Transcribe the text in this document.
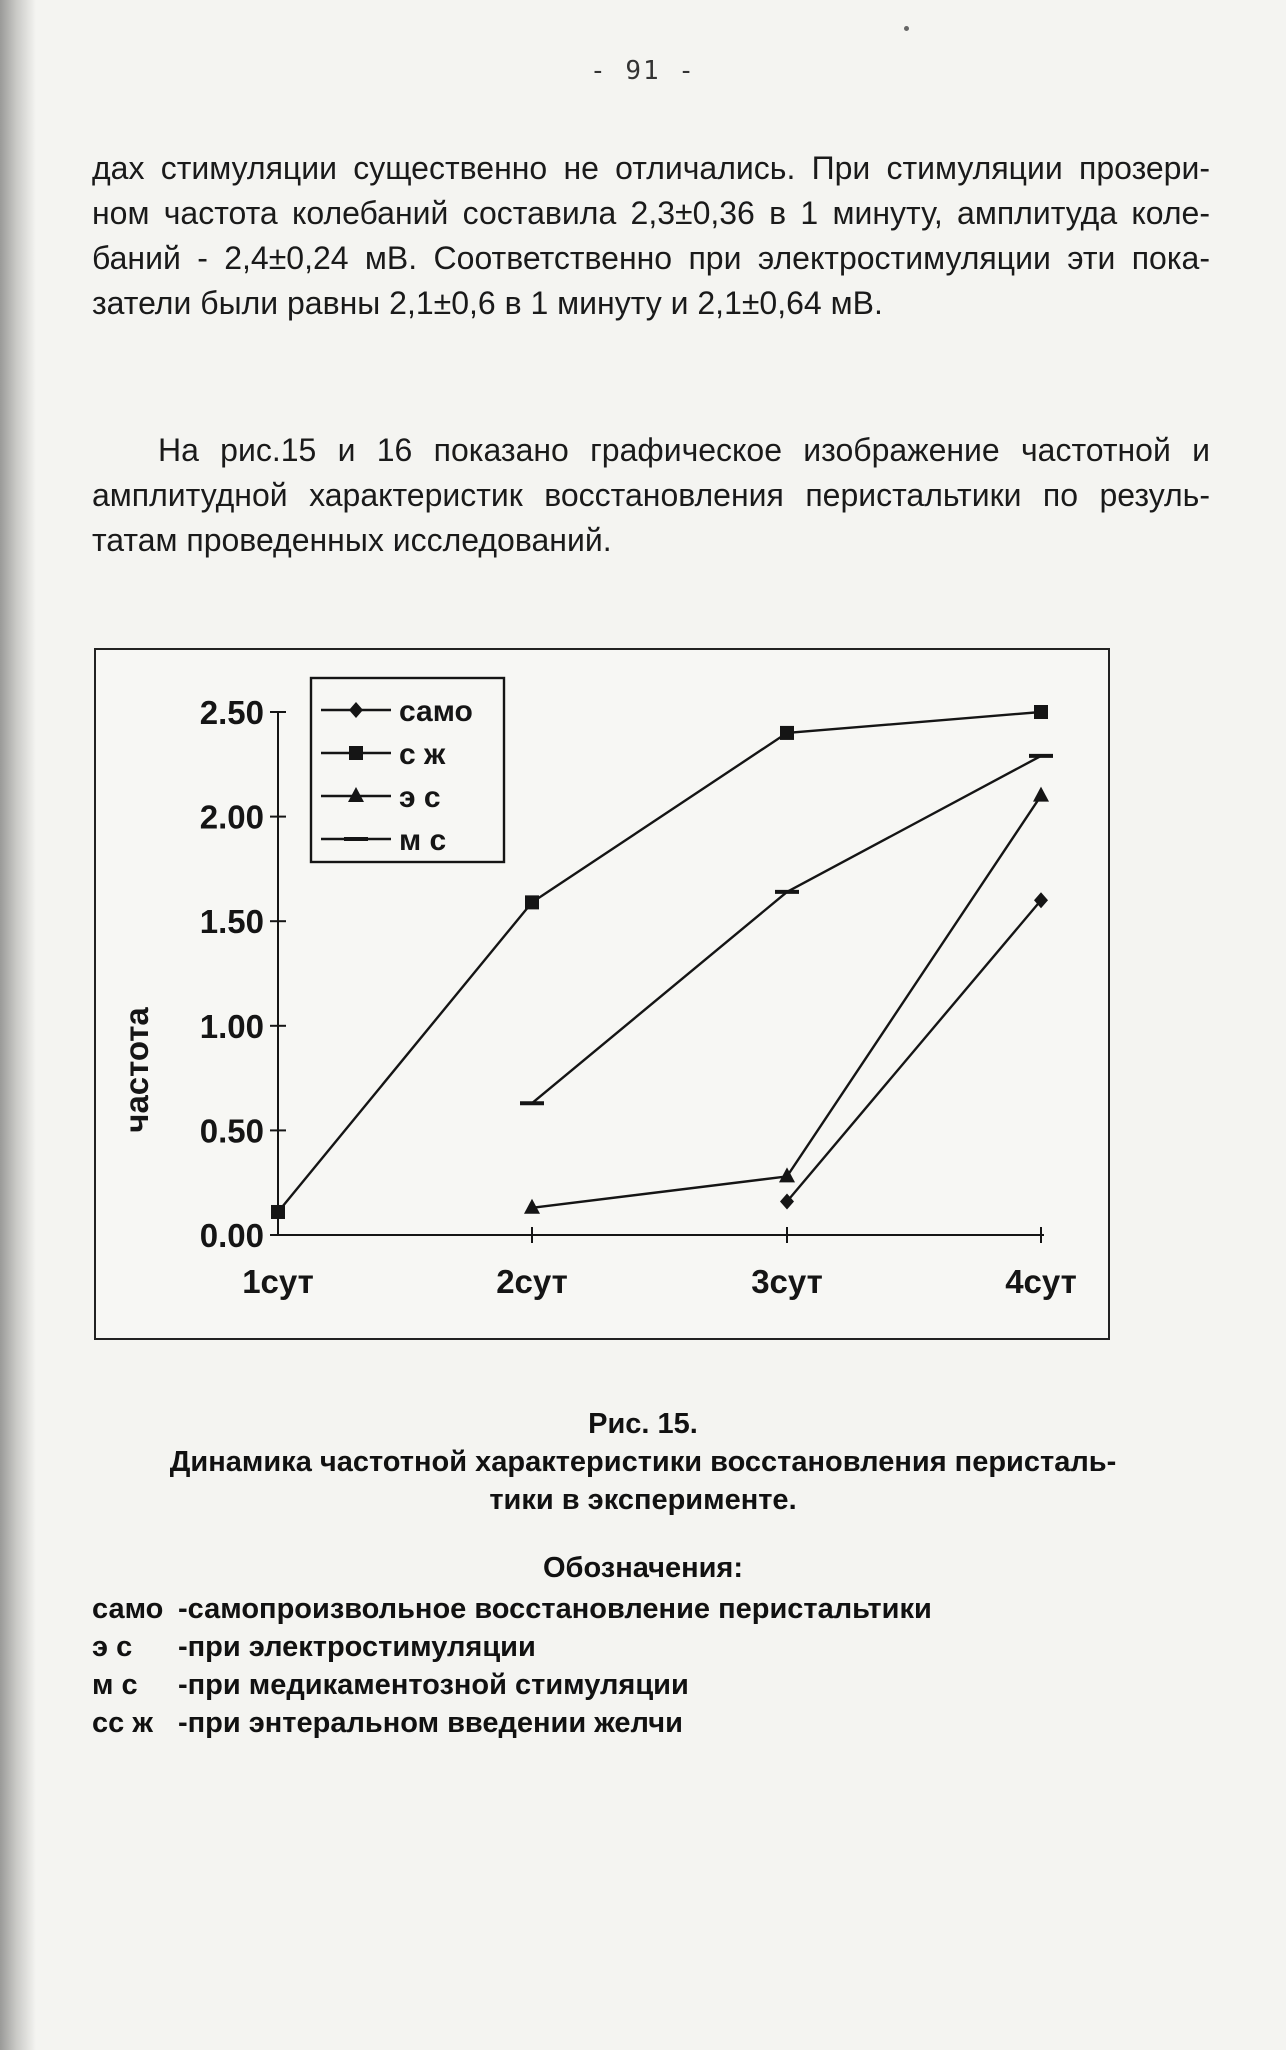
- 91 -
дах стимуляции существенно не отличались. При стимуляции прозери-
ном частота колебаний составила 2,3±0,36 в 1 минуту, амплитуда коле-
баний - 2,4±0,24 мВ. Соответственно при электростимуляции эти пока-
затели были равны 2,1±0,6 в 1 минуту и 2,1±0,64 мВ.
На рис.15 и 16 показано графическое изображение частотной и
амплитудной характеристик восстановления перистальтики по резуль-
татам проведенных исследований.
0.00
0.50
1.00
1.50
2.00
2.50
1сут	2сут	3сут	4сут
частота
само
с ж
э с
м с
Рис. 15.
Динамика частотной характеристики восстановления перисталь-
тики в эксперименте.
Обозначения:
само -самопроизвольное восстановление перистальтики
э с -при электростимуляции
м с -при медикаментозной стимуляции
сс ж -при энтеральном введении желчи
